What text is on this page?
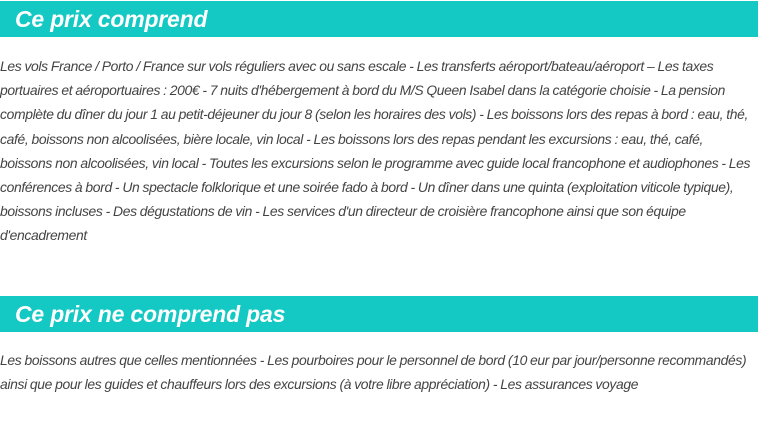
Ce prix comprend

Les vols France / Porto / France sur vols réguliers avec ou sans escale - Les transferts aéroport/bateau/aéroport – Les taxes portuaires et aéroportuaires : 200€ - 7 nuits d'hébergement à bord du M/S Queen Isabel dans la catégorie choisie - La pension complète du dîner du jour 1 au petit-déjeuner du jour 8 (selon les horaires des vols) - Les boissons lors des repas à bord : eau, thé, café, boissons non alcoolisées, bière locale, vin local - Les boissons lors des repas pendant les excursions : eau, thé, café, boissons non alcoolisées, vin local - Toutes les excursions selon le programme avec guide local francophone et audiophones - Les conférences à bord - Un spectacle folklorique et une soirée fado à bord - Un dîner dans une quinta (exploitation viticole typique), boissons incluses - Des dégustations de vin - Les services d'un directeur de croisière francophone ainsi que son équipe d'encadrement

Ce prix ne comprend pas

Les boissons autres que celles mentionnées - Les pourboires pour le personnel de bord (10 eur par jour/personne recommandés) ainsi que pour les guides et chauffeurs lors des excursions (à votre libre appréciation) - Les assurances voyage
